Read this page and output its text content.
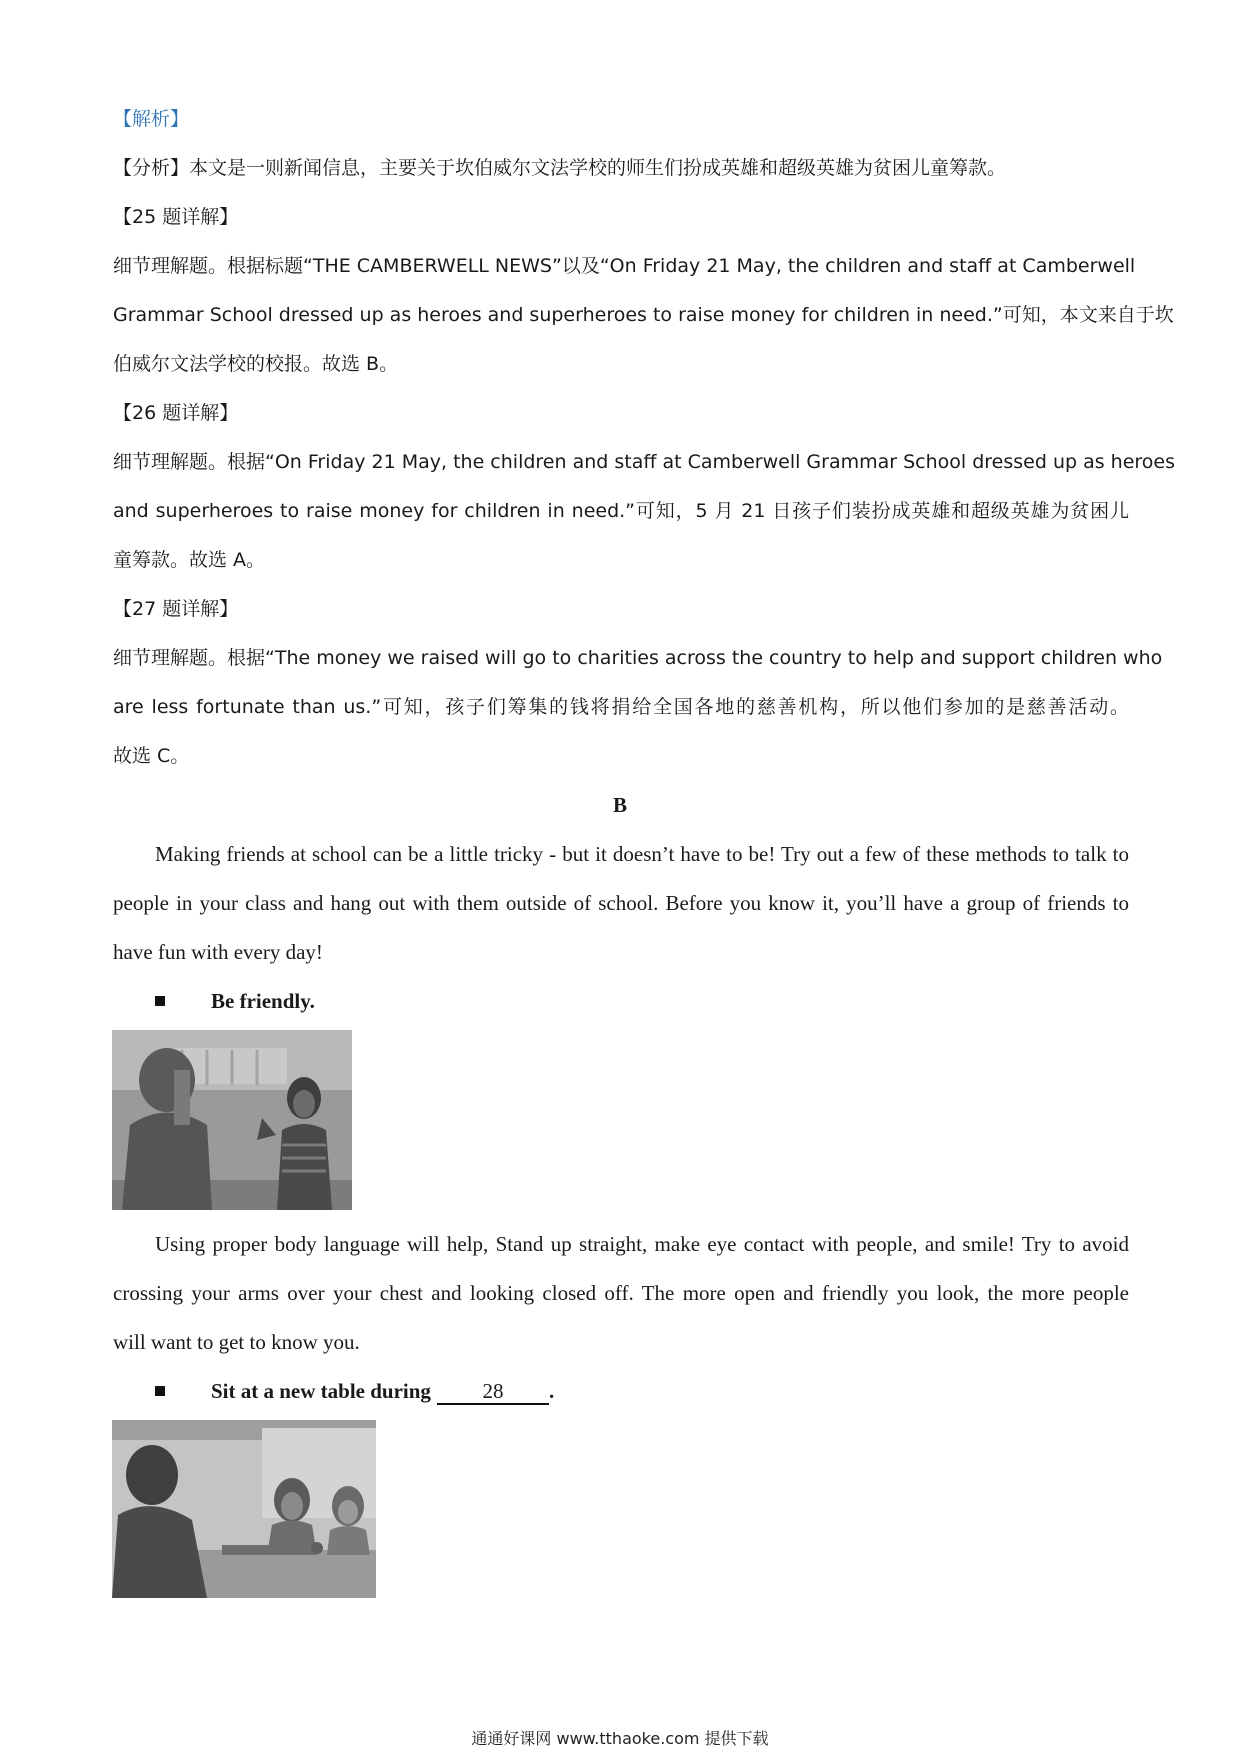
【解析】
【分析】本文是一则新闻信息，主要关于坎伯威尔文法学校的师生们扮成英雄和超级英雄为贫困儿童筹款。
【25 题详解】
细节理解题。根据标题“THE CAMBERWELL NEWS”以及“On Friday 21 May, the children and staff at Camberwell
Grammar School dressed up as heroes and superheroes to raise money for children in need.”可知，本文来自于坎
伯威尔文法学校的校报。故选 B。
【26 题详解】
细节理解题。根据“On Friday 21 May, the children and staff at Camberwell Grammar School dressed up as heroes
and superheroes to raise money for children in need.”可知，5 月 21 日孩子们装扮成英雄和超级英雄为贫困儿
童筹款。故选 A。
【27 题详解】
细节理解题。根据“The money we raised will go to charities across the country to help and support children who
are less fortunate than us.”可知，孩子们筹集的钱将捐给全国各地的慈善机构，所以他们参加的是慈善活动。
故选 C。
B
Making friends at school can be a little tricky - but it doesn’t have to be! Try out a few of these methods to talk to
people in your class and hang out with them outside of school. Before you know it, you’ll have a group of friends to
have fun with every day!
Be friendly.
Using proper body language will help, Stand up straight, make eye contact with people, and smile! Try to avoid
crossing your arms over your chest and looking closed off. The more open and friendly you look, the more people
will want to get to know you.
Sit at a new table during 28 .
通通好课网 www.tthaoke.com 提供下载
